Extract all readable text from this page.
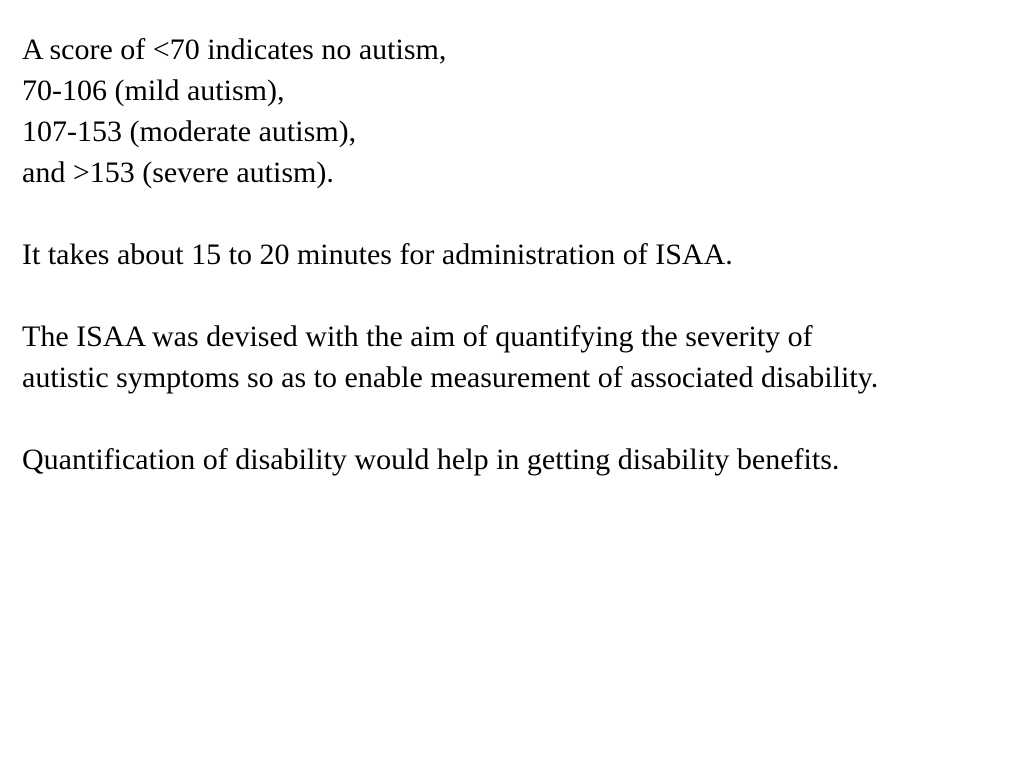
A score of <70 indicates no autism,
70-106 (mild autism),
107-153 (moderate autism),
and >153 (severe autism).
It takes about 15 to 20 minutes for administration of ISAA.
The ISAA was devised with the aim of quantifying the severity of
autistic symptoms so as to enable measurement of associated disability.
Quantification of disability would help in getting disability benefits.
